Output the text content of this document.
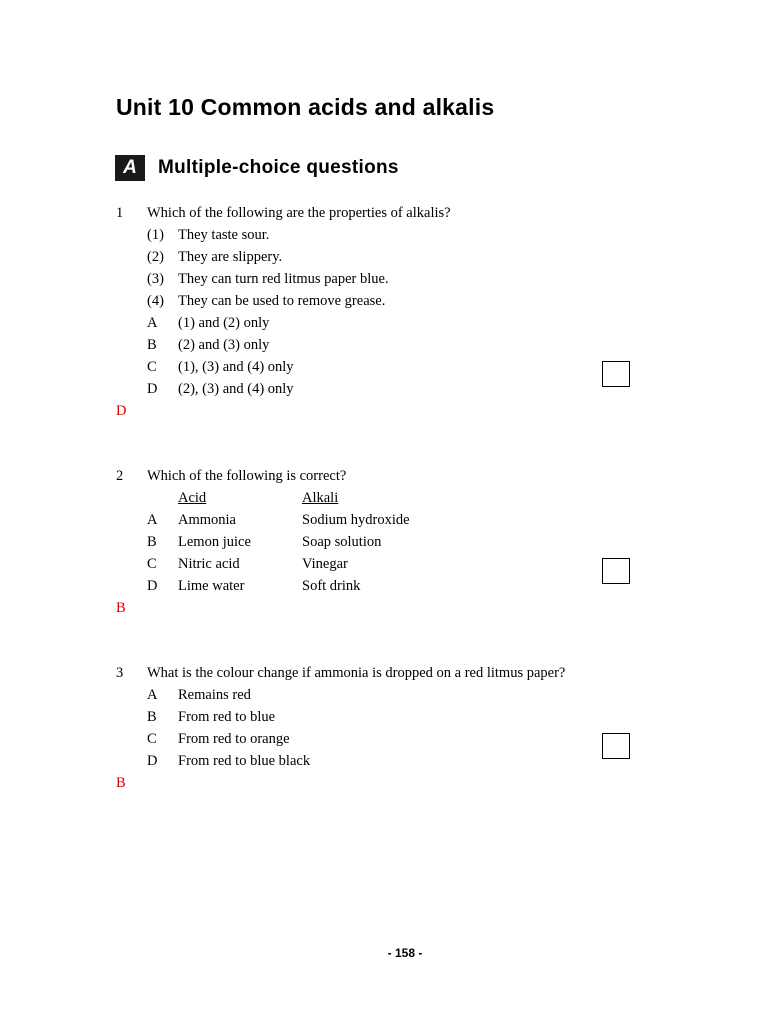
Unit 10 Common acids and alkalis
A	Multiple-choice questions
1 Which of the following are the properties of alkalis?
(1) They taste sour.
(2) They are slippery.
(3) They can turn red litmus paper blue.
(4) They can be used to remove grease.
A (1) and (2) only
B (2) and (3) only
C (1), (3) and (4) only
D (2), (3) and (4) only
D
2 Which of the following is correct?
Acid	Alkali
A Ammonia	Sodium hydroxide
B Lemon juice	Soap solution
C Nitric acid	Vinegar
D Lime water	Soft drink
B
3 What is the colour change if ammonia is dropped on a red litmus paper?
A Remains red
B From red to blue
C From red to orange
D From red to blue black
B
- 158 -
